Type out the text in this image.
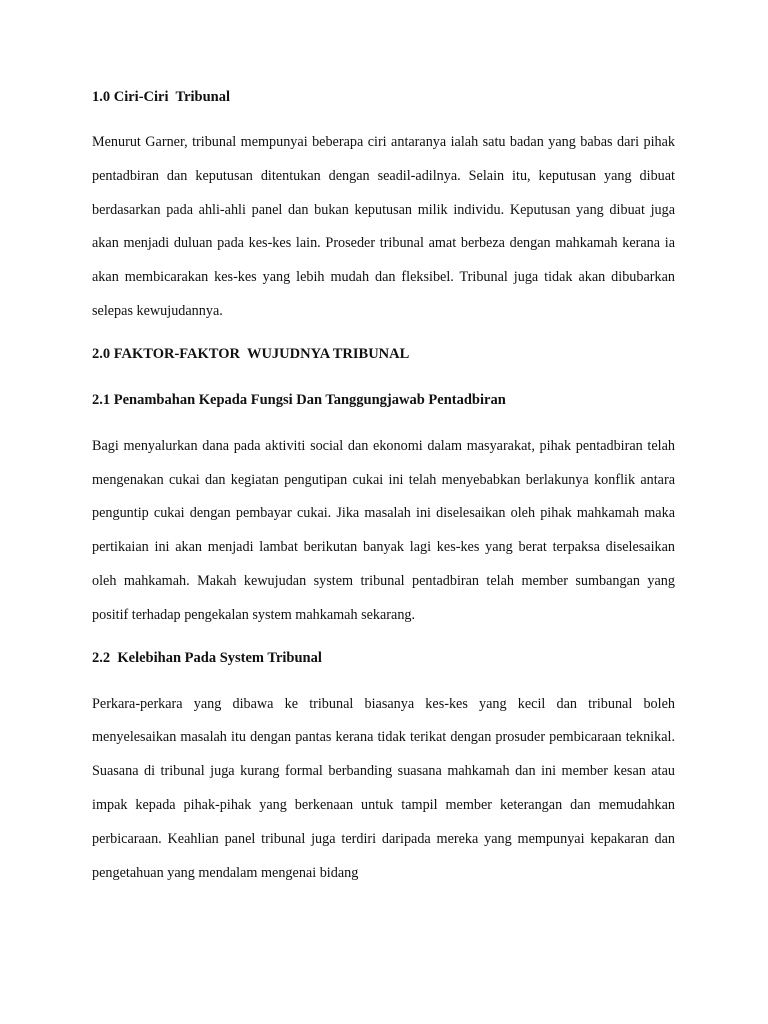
1.0 Ciri-Ciri  Tribunal

Menurut Garner, tribunal mempunyai beberapa ciri antaranya ialah satu badan yang babas dari pihak pentadbiran dan keputusan ditentukan dengan seadil-adilnya. Selain itu, keputusan yang dibuat berdasarkan pada ahli-ahli panel dan bukan keputusan milik individu. Keputusan yang dibuat juga akan menjadi duluan pada kes-kes lain. Proseder tribunal amat berbeza dengan mahkamah kerana ia akan membicarakan kes-kes yang lebih mudah dan fleksibel. Tribunal juga tidak akan dibubarkan selepas kewujudannya.

2.0 FAKTOR-FAKTOR  WUJUDNYA TRIBUNAL

2.1 Penambahan Kepada Fungsi Dan Tanggungjawab Pentadbiran

Bagi menyalurkan dana pada aktiviti social dan ekonomi dalam masyarakat, pihak pentadbiran telah mengenakan cukai dan kegiatan pengutipan cukai ini telah menyebabkan berlakunya konflik antara penguntip cukai dengan pembayar cukai. Jika masalah ini diselesaikan oleh pihak mahkamah maka pertikaian ini akan menjadi lambat berikutan banyak lagi kes-kes yang berat terpaksa diselesaikan oleh mahkamah. Makah kewujudan system tribunal pentadbiran telah member sumbangan yang positif terhadap pengekalan system mahkamah sekarang.

2.2  Kelebihan Pada System Tribunal

Perkara-perkara yang dibawa ke tribunal biasanya kes-kes yang kecil dan tribunal boleh menyelesaikan masalah itu dengan pantas kerana tidak terikat dengan prosuder pembicaraan teknikal. Suasana di tribunal juga kurang formal berbanding suasana mahkamah dan ini member kesan atau impak kepada pihak-pihak yang berkenaan untuk tampil member keterangan dan memudahkan perbicaraan. Keahlian panel tribunal juga terdiri daripada mereka yang mempunyai kepakaran dan pengetahuan yang mendalam mengenai bidang
